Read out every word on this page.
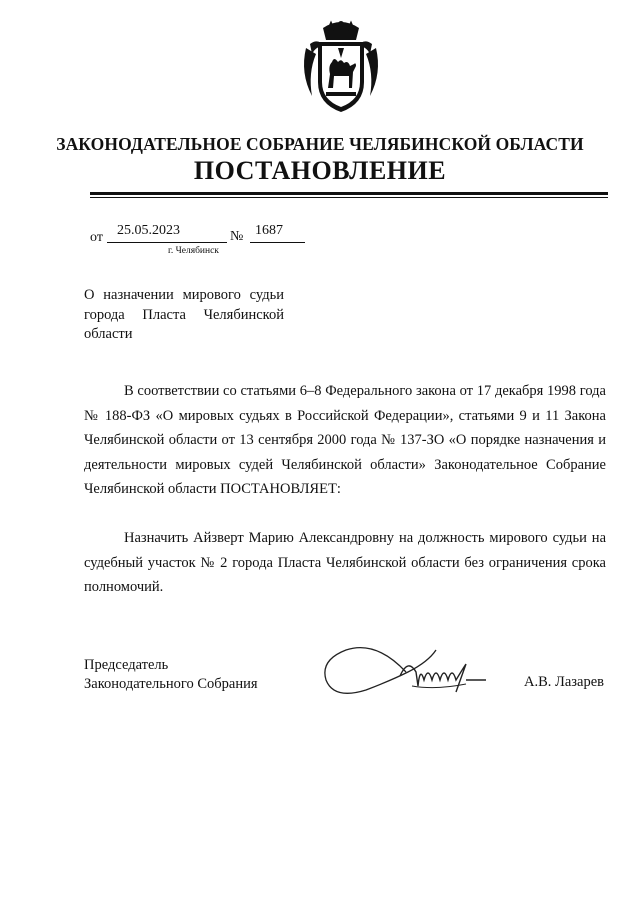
ЗАКОНОДАТЕЛЬНОЕ СОБРАНИЕ ЧЕЛЯБИНСКОЙ ОБЛАСТИ
ПОСТАНОВЛЕНИЕ
от 25.05.2023	№ 1687
г. Челябинск
О назначении мирового судьи города Пласта Челябинской области

В соответствии со статьями 6–8 Федерального закона от 17 декабря 1998 года № 188-ФЗ «О мировых судьях в Российской Федерации», статьями 9 и 11 Закона Челябинской области от 13 сентября 2000 года № 137-ЗО «О порядке назначения и деятельности мировых судей Челябинской области» Законодательное Собрание Челябинской области ПОСТАНОВЛЯЕТ:

Назначить Айзверт Марию Александровну на должность мирового судьи на судебный участок № 2 города Пласта Челябинской области без ограничения срока полномочий.

Председатель
Законодательного Собрания	А.В. Лазарев
